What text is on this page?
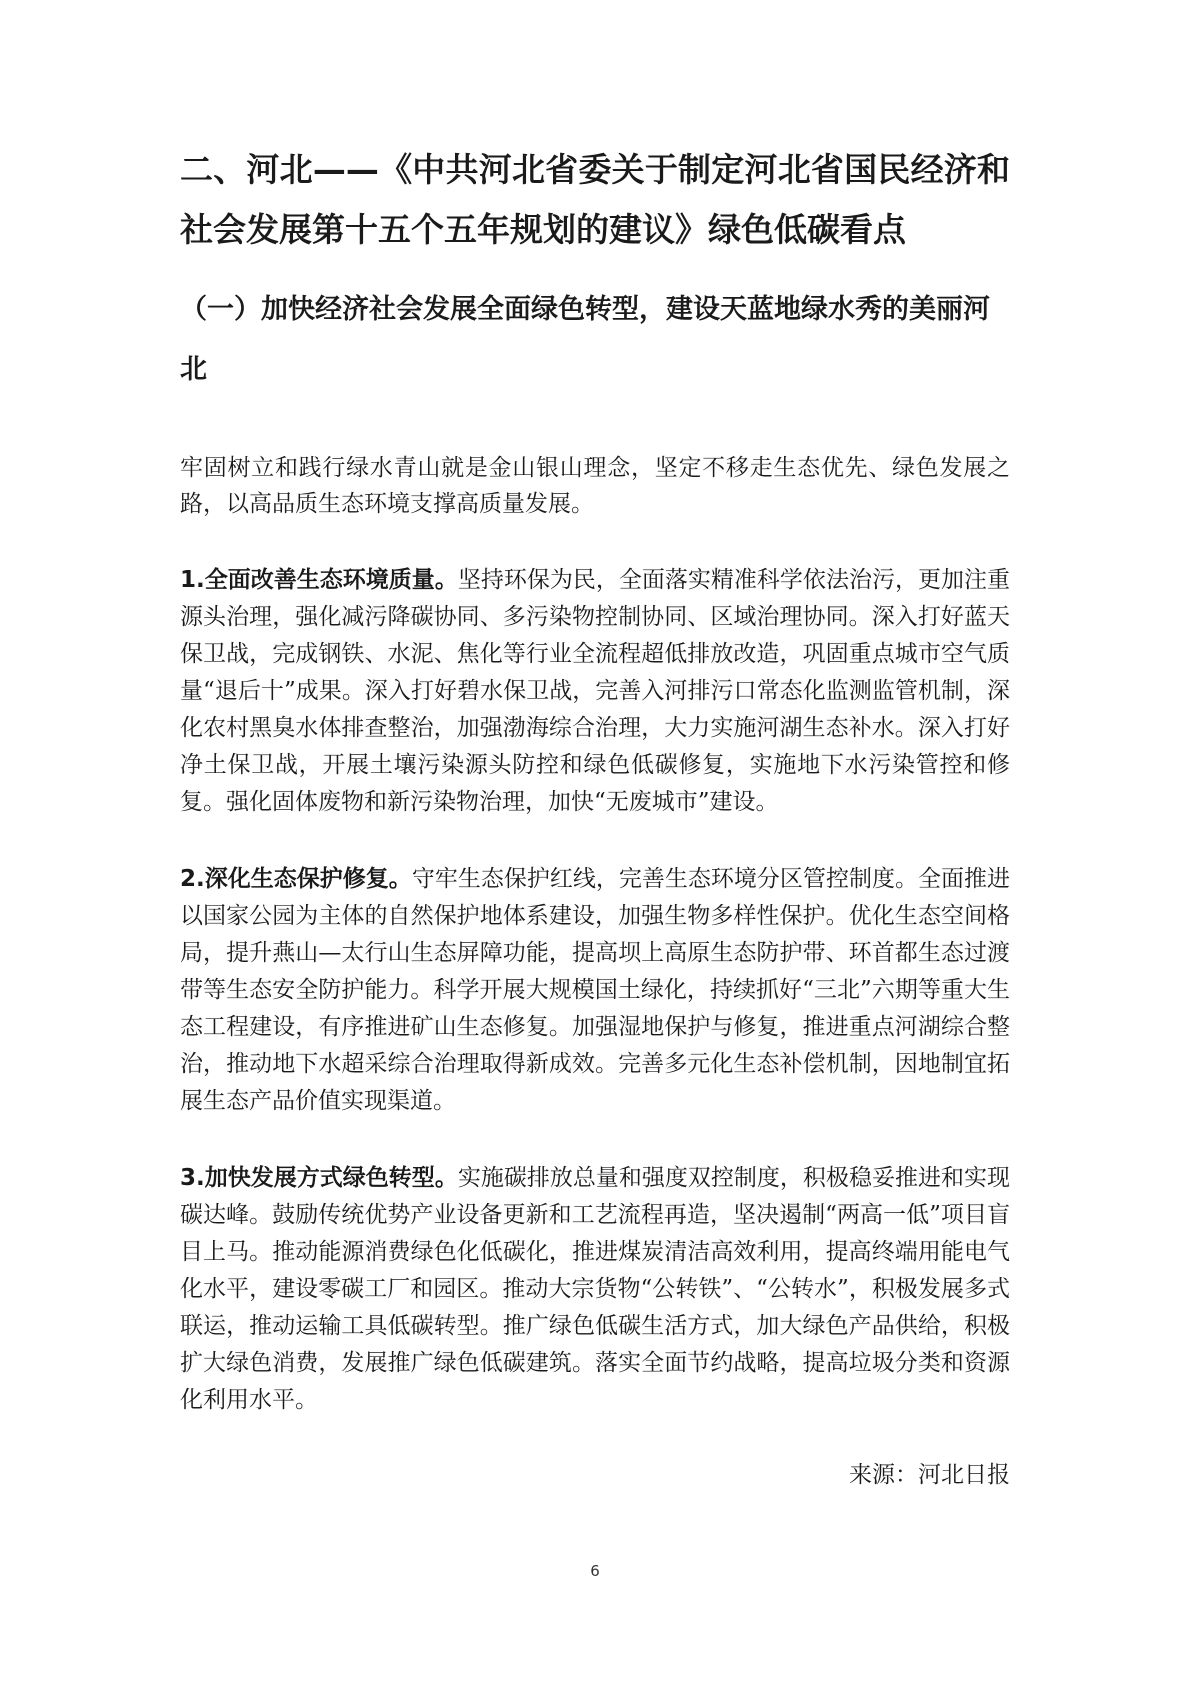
二、河北——《中共河北省委关于制定河北省国民经济和社会发展第十五个五年规划的建议》绿色低碳看点
（一）加快经济社会发展全面绿色转型，建设天蓝地绿水秀的美丽河北

牢固树立和践行绿水青山就是金山银山理念，坚定不移走生态优先、绿色发展之路，以高品质生态环境支撑高质量发展。

1.全面改善生态环境质量。坚持环保为民，全面落实精准科学依法治污，更加注重源头治理，强化减污降碳协同、多污染物控制协同、区域治理协同。深入打好蓝天保卫战，完成钢铁、水泥、焦化等行业全流程超低排放改造，巩固重点城市空气质量“退后十”成果。深入打好碧水保卫战，完善入河排污口常态化监测监管机制，深化农村黑臭水体排查整治，加强渤海综合治理，大力实施河湖生态补水。深入打好净土保卫战，开展土壤污染源头防控和绿色低碳修复，实施地下水污染管控和修复。强化固体废物和新污染物治理，加快“无废城市”建设。

2.深化生态保护修复。守牢生态保护红线，完善生态环境分区管控制度。全面推进以国家公园为主体的自然保护地体系建设，加强生物多样性保护。优化生态空间格局，提升燕山—太行山生态屏障功能，提高坝上高原生态防护带、环首都生态过渡带等生态安全防护能力。科学开展大规模国土绿化，持续抓好“三北”六期等重大生态工程建设，有序推进矿山生态修复。加强湿地保护与修复，推进重点河湖综合整治，推动地下水超采综合治理取得新成效。完善多元化生态补偿机制，因地制宜拓展生态产品价值实现渠道。

3.加快发展方式绿色转型。实施碳排放总量和强度双控制度，积极稳妥推进和实现碳达峰。鼓励传统优势产业设备更新和工艺流程再造，坚决遏制“两高一低”项目盲目上马。推动能源消费绿色化低碳化，推进煤炭清洁高效利用，提高终端用能电气化水平，建设零碳工厂和园区。推动大宗货物“公转铁”、“公转水”，积极发展多式联运，推动运输工具低碳转型。推广绿色低碳生活方式，加大绿色产品供给，积极扩大绿色消费，发展推广绿色低碳建筑。落实全面节约战略，提高垃圾分类和资源化利用水平。

来源：河北日报

6
